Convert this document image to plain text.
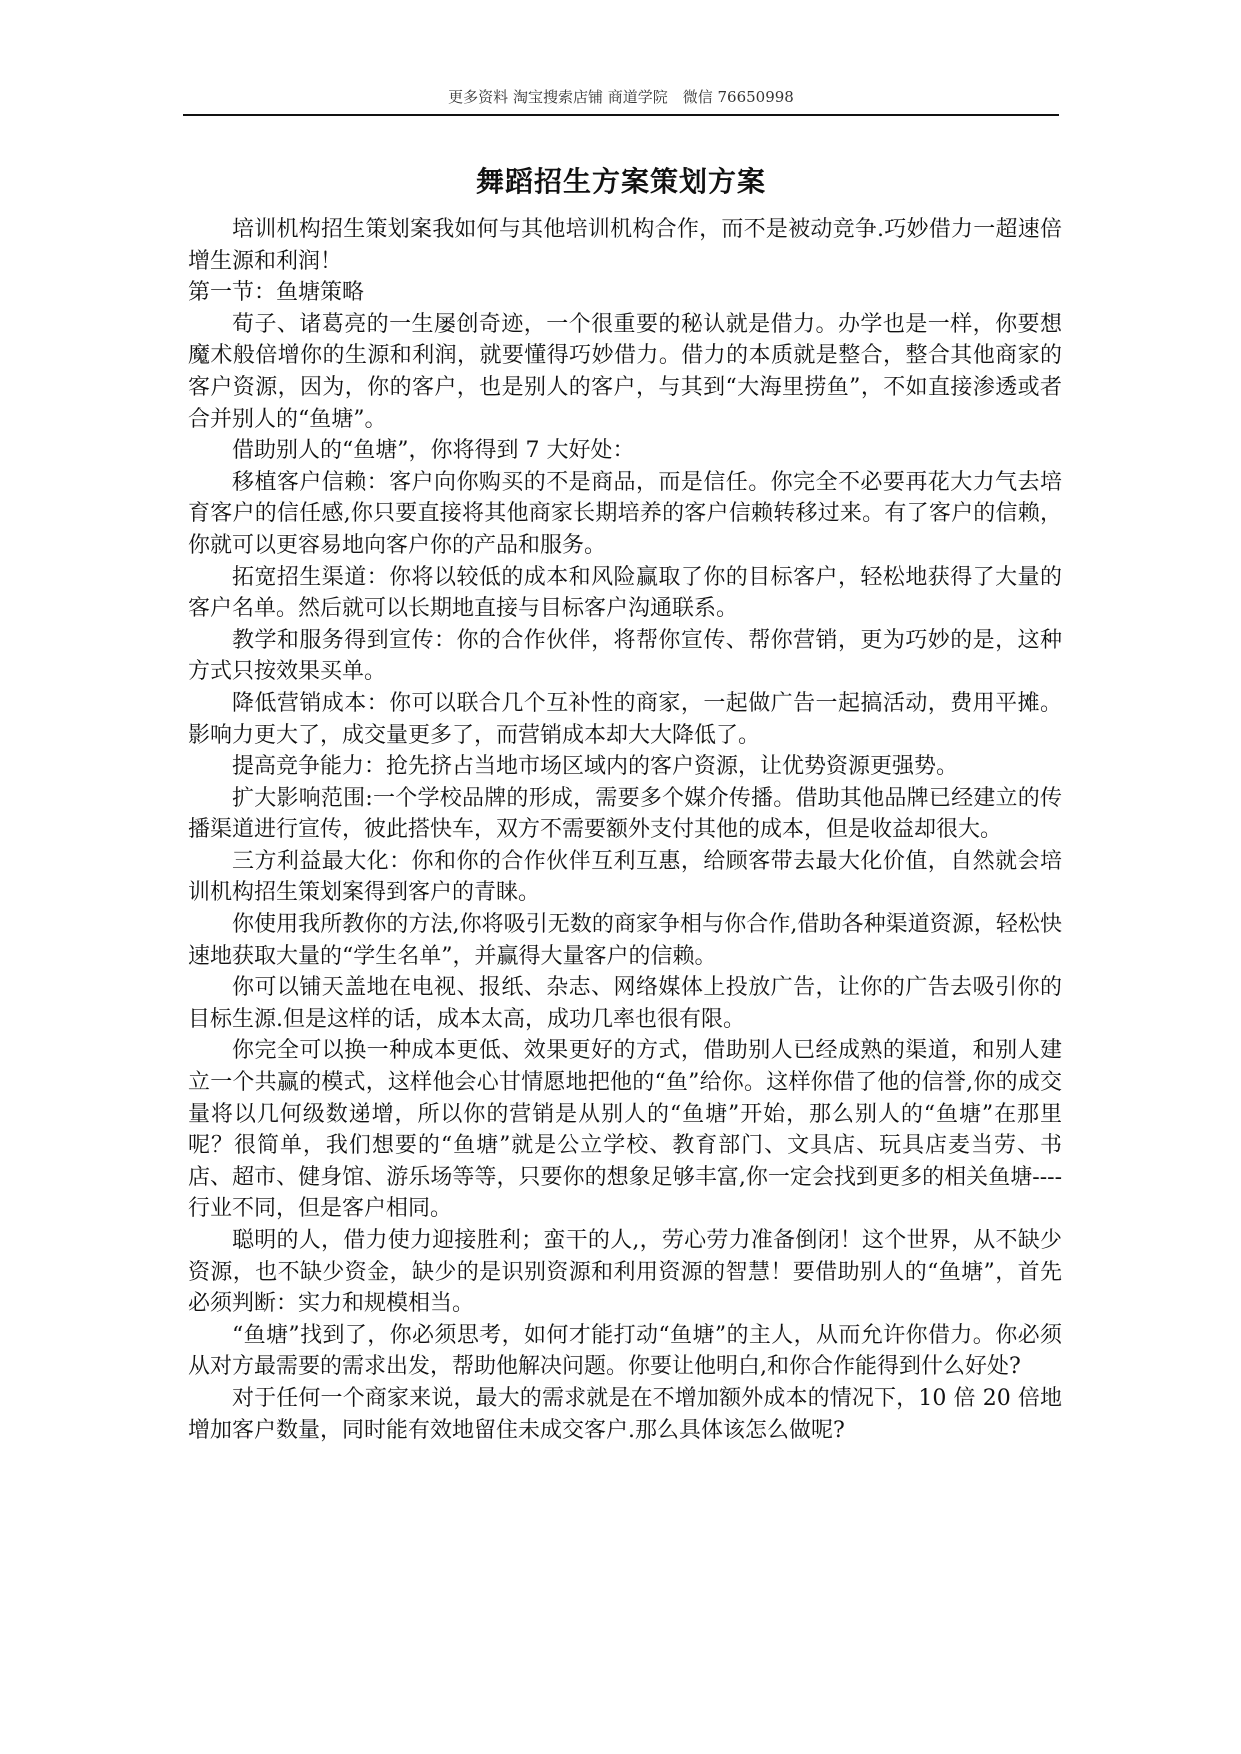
更多资料 淘宝搜索店铺 商道学院　微信 76650998
舞蹈招生方案策划方案

培训机构招生策划案我如何与其他培训机构合作，而不是被动竞争.巧妙借力一超速倍增生源和利润！

第一节：鱼塘策略

荀子、诸葛亮的一生屡创奇迹，一个很重要的秘认就是借力。办学也是一样，你要想魔术般倍增你的生源和利润，就要懂得巧妙借力。借力的本质就是整合，整合其他商家的客户资源，因为，你的客户，也是别人的客户，与其到“大海里捞鱼”，不如直接渗透或者合并别人的“鱼塘”。

借助别人的“鱼塘”，你将得到 7 大好处：

移植客户信赖：客户向你购买的不是商品，而是信任。你完全不必要再花大力气去培育客户的信任感,你只要直接将其他商家长期培养的客户信赖转移过来。有了客户的信赖，你就可以更容易地向客户你的产品和服务。

拓宽招生渠道：你将以较低的成本和风险赢取了你的目标客户，轻松地获得了大量的客户名单。然后就可以长期地直接与目标客户沟通联系。

教学和服务得到宣传：你的合作伙伴，将帮你宣传、帮你营销，更为巧妙的是，这种方式只按效果买单。

降低营销成本：你可以联合几个互补性的商家，一起做广告一起搞活动，费用平摊。影响力更大了，成交量更多了，而营销成本却大大降低了。

提高竞争能力：抢先挤占当地市场区域内的客户资源，让优势资源更强势。

扩大影响范围:一个学校品牌的形成，需要多个媒介传播。借助其他品牌已经建立的传播渠道进行宣传，彼此搭快车，双方不需要额外支付其他的成本，但是收益却很大。

三方利益最大化：你和你的合作伙伴互利互惠，给顾客带去最大化价值，自然就会培训机构招生策划案得到客户的青睐。

你使用我所教你的方法,你将吸引无数的商家争相与你合作,借助各种渠道资源，轻松快速地获取大量的“学生名单”，并赢得大量客户的信赖。

你可以铺天盖地在电视、报纸、杂志、网络媒体上投放广告，让你的广告去吸引你的目标生源.但是这样的话，成本太高，成功几率也很有限。

你完全可以换一种成本更低、效果更好的方式，借助别人已经成熟的渠道，和别人建立一个共赢的模式，这样他会心甘情愿地把他的“鱼”给你。这样你借了他的信誉,你的成交量将以几何级数递增，所以你的营销是从别人的“鱼塘”开始，那么别人的“鱼塘”在那里呢？很简单，我们想要的“鱼塘”就是公立学校、教育部门、文具店、玩具店麦当劳、书店、超市、健身馆、游乐场等等，只要你的想象足够丰富,你一定会找到更多的相关鱼塘---- 行业不同，但是客户相同。

聪明的人，借力使力迎接胜利；蛮干的人,，劳心劳力准备倒闭！这个世界，从不缺少资源，也不缺少资金，缺少的是识别资源和利用资源的智慧！要借助别人的“鱼塘”，首先必须判断：实力和规模相当。

“鱼塘”找到了，你必须思考，如何才能打动“鱼塘”的主人，从而允许你借力。你必须从对方最需要的需求出发，帮助他解决问题。你要让他明白,和你合作能得到什么好处?

对于任何一个商家来说，最大的需求就是在不增加额外成本的情况下，10 倍 20 倍地增加客户数量，同时能有效地留住未成交客户.那么具体该怎么做呢?
